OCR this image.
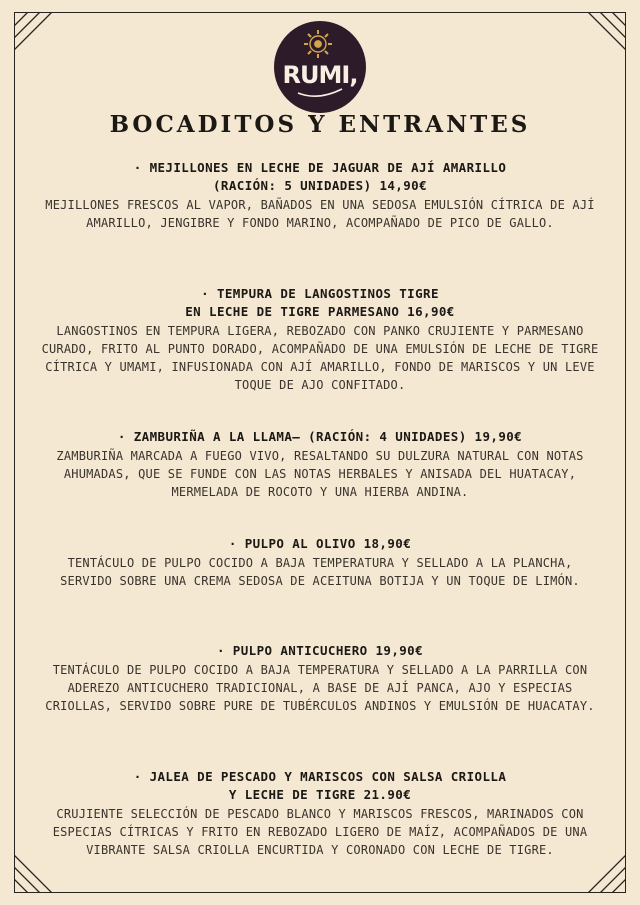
RUMI,
BOCADITOS Y ENTRANTES
· MEJILLONES EN LECHE DE JAGUAR DE AJÍ AMARILLO
(RACIÓN: 5 UNIDADES) 14,90€
MEJILLONES FRESCOS AL VAPOR, BAÑADOS EN UNA SEDOSA EMULSIÓN CÍTRICA DE AJÍ AMARILLO, JENGIBRE Y FONDO MARINO, ACOMPAÑADO DE PICO DE GALLO.
· TEMPURA DE LANGOSTINOS TIGRE
EN LECHE DE TIGRE PARMESANO 16,90€
LANGOSTINOS EN TEMPURA LIGERA, REBOZADO CON PANKO CRUJIENTE Y PARMESANO CURADO, FRITO AL PUNTO DORADO, ACOMPAÑADO DE UNA EMULSIÓN DE LECHE DE TIGRE CÍTRICA Y UMAMI, INFUSIONADA CON AJÍ AMARILLO, FONDO DE MARISCOS Y UN LEVE TOQUE DE AJO CONFITADO.
· ZAMBURIÑA A LA LLAMA– (RACIÓN: 4 UNIDADES) 19,90€
ZAMBURIÑA MARCADA A FUEGO VIVO, RESALTANDO SU DULZURA NATURAL CON NOTAS AHUMADAS, QUE SE FUNDE CON LAS NOTAS HERBALES Y ANISADA DEL HUATACAY, MERMELADA DE ROCOTO Y UNA HIERBA ANDINA.
· PULPO AL OLIVO 18,90€
TENTÁCULO DE PULPO COCIDO A BAJA TEMPERATURA Y SELLADO A LA PLANCHA, SERVIDO SOBRE UNA CREMA SEDOSA DE ACEITUNA BOTIJA Y UN TOQUE DE LIMÓN.
· PULPO ANTICUCHERO 19,90€
TENTÁCULO DE PULPO COCIDO A BAJA TEMPERATURA Y SELLADO A LA PARRILLA CON ADEREZO ANTICUCHERO TRADICIONAL, A BASE DE AJÍ PANCA, AJO Y ESPECIAS CRIOLLAS, SERVIDO SOBRE PURE DE TUBÉRCULOS ANDINOS Y EMULSIÓN DE HUACATAY.
· JALEA DE PESCADO Y MARISCOS CON SALSA CRIOLLA
Y LECHE DE TIGRE 21.90€
CRUJIENTE SELECCIÓN DE PESCADO BLANCO Y MARISCOS FRESCOS, MARINADOS CON ESPECIAS CÍTRICAS Y FRITO EN REBOZADO LIGERO DE MAÍZ, ACOMPAÑADOS DE UNA VIBRANTE SALSA CRIOLLA ENCURTIDA Y CORONADO CON LECHE DE TIGRE.
